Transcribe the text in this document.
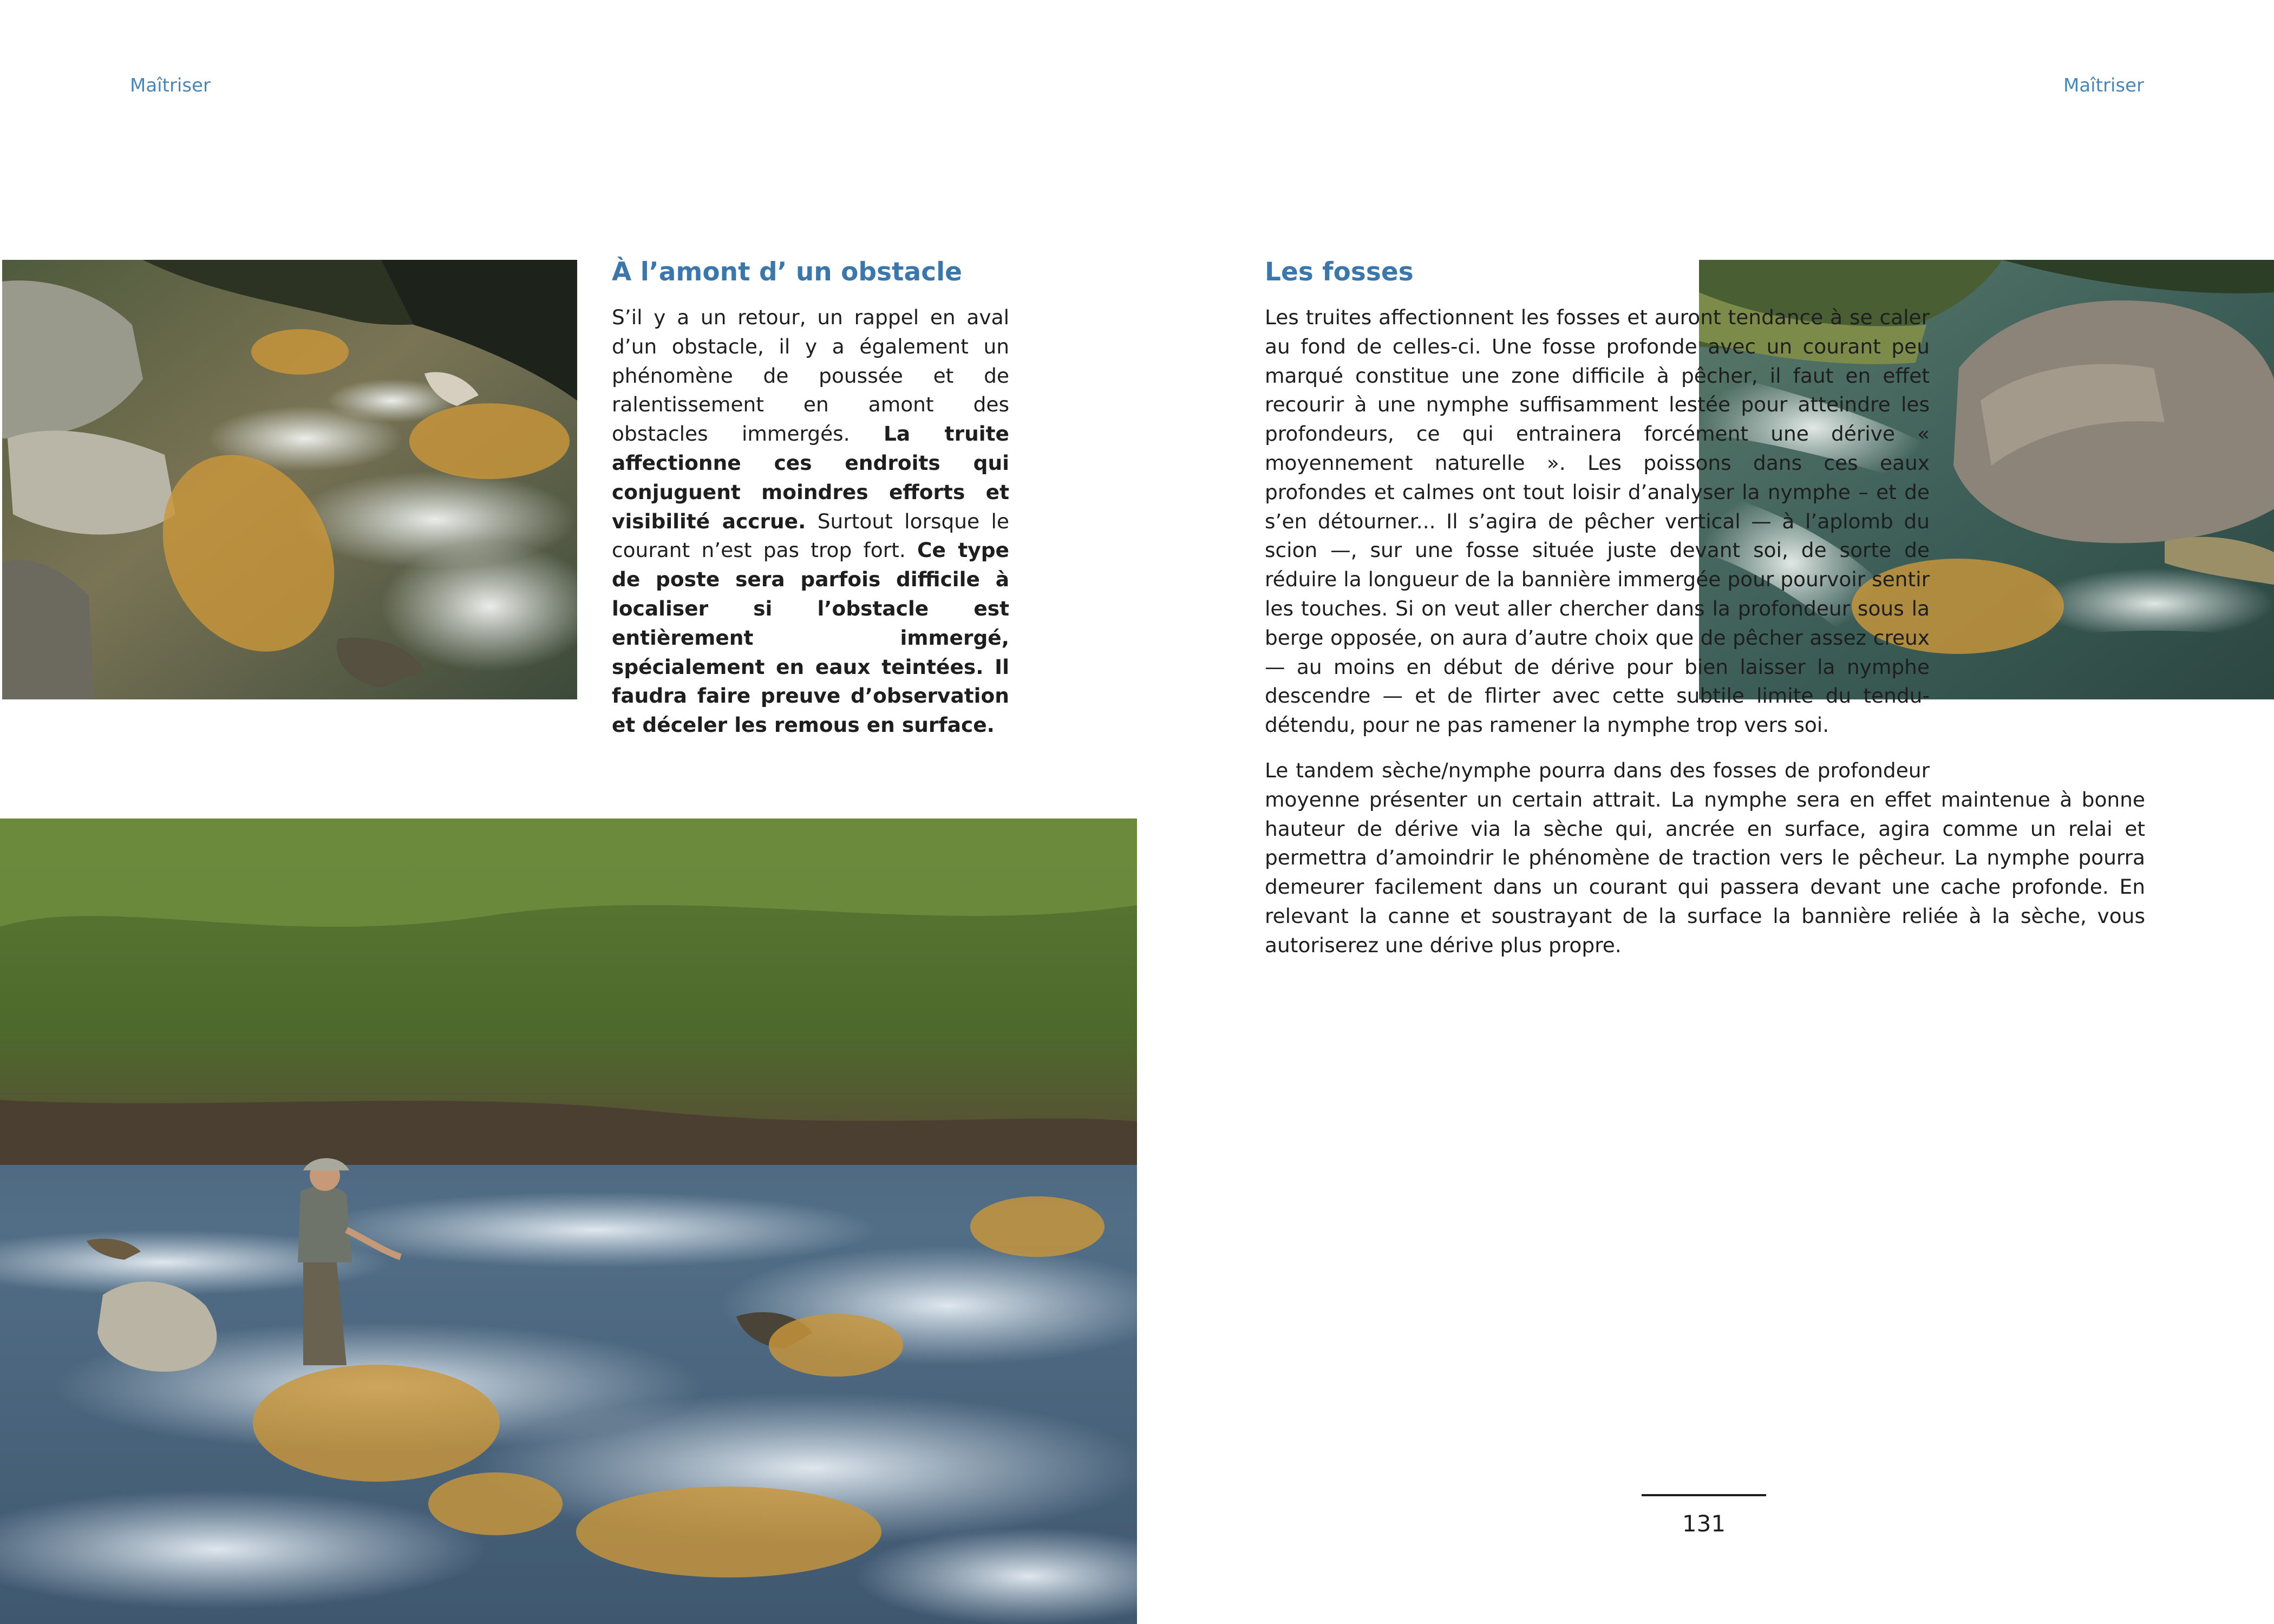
Maîtriser	Maîtriser
À l’amont d’ un obstacle

S’il y a un retour, un rappel en aval d’un obstacle, il y a également un phénomène de poussée et de ralentissement en amont des obstacles immergés. La truite affectionne ces endroits qui conjuguent moindres efforts et visibilité accrue. Surtout lorsque le courant n’est pas trop fort. Ce type de poste sera parfois difficile à localiser si l’obstacle est entièrement immergé, spécialement en eaux teintées. Il faudra faire preuve d’observation et déceler les remous en surface.

Les fosses

Les truites affectionnent les fosses et auront tendance à se caler au fond de celles-ci. Une fosse profonde avec un courant peu marqué constitue une zone difficile à pêcher, il faut en effet recourir à une nymphe suffisamment lestée pour atteindre les profondeurs, ce qui entrainera forcément une dérive « moyennement naturelle ». Les poissons dans ces eaux profondes et calmes ont tout loisir d’analyser la nymphe – et de s’en détourner... Il s’agira de pêcher vertical — à l’aplomb du scion —, sur une fosse située juste devant soi, de sorte de réduire la longueur de la bannière immergée pour pourvoir sentir les touches. Si on veut aller chercher dans la profondeur sous la berge opposée, on aura d’autre choix que de pêcher assez creux — au moins en début de dérive pour bien laisser la nymphe descendre — et de flirter avec cette subtile limite du tendu-détendu, pour ne pas ramener la nymphe trop vers soi.

Le tandem sèche/nymphe pourra dans des fosses de profondeur moyenne présenter un certain attrait. La nymphe sera en effet maintenue à bonne hauteur de dérive via la sèche qui, ancrée en surface, agira comme un relai et permettra d’amoindrir le phénomène de traction vers le pêcheur. La nymphe pourra demeurer facilement dans un courant qui passera devant une cache profonde. En relevant la canne et soustrayant de la surface la bannière reliée à la sèche, vous autoriserez une dérive plus propre.

131
